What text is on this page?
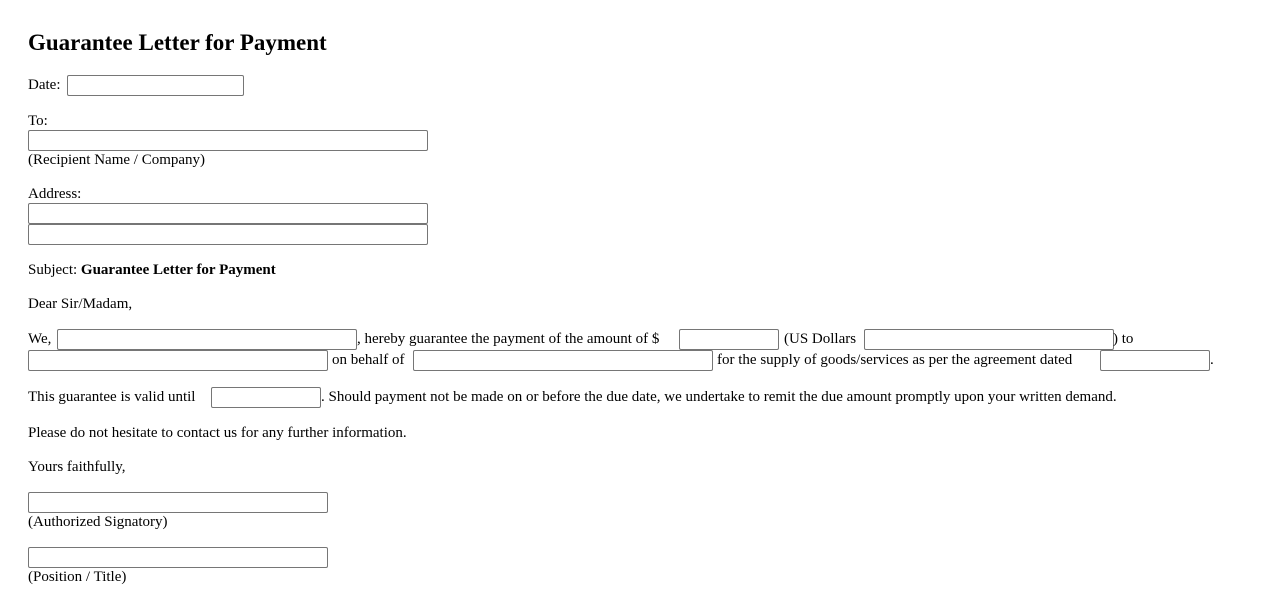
Guarantee Letter for Payment
Date:
To:
(Recipient Name / Company)
Address:
Subject: Guarantee Letter for Payment
Dear Sir/Madam,
We,	, hereby guarantee the payment of the amount of $	(US Dollars	) to
on behalf of	for the supply of goods/services as per the agreement dated	.
This guarantee is valid until	. Should payment not be made on or before the due date, we undertake to remit the due amount promptly upon your written demand.
Please do not hesitate to contact us for any further information.
Yours faithfully,
(Authorized Signatory)
(Position / Title)
